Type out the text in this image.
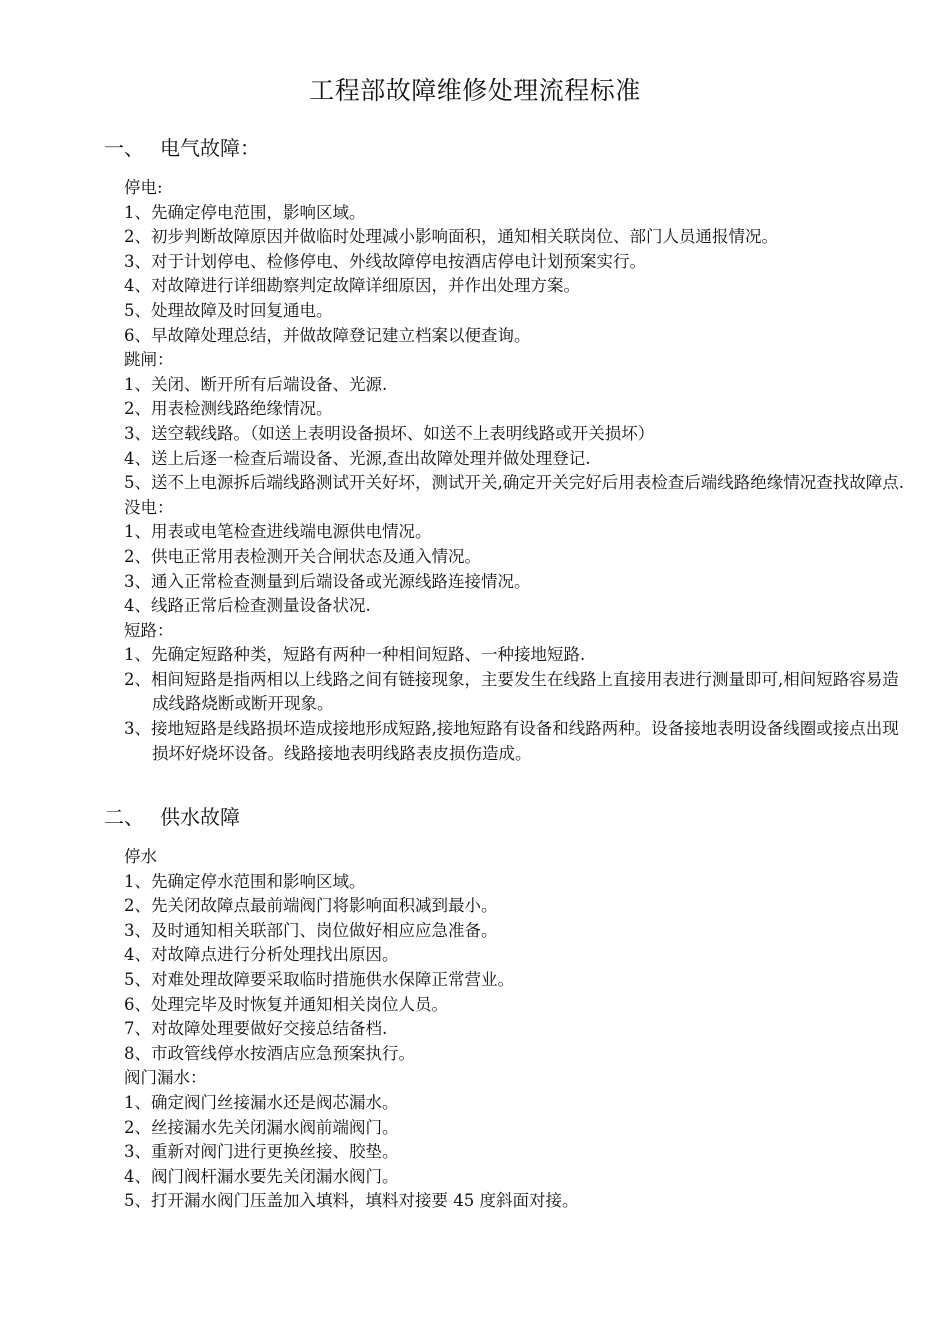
工程部故障维修处理流程标准
一、 电气故障：
停电:
1、先确定停电范围，影响区域。
2、初步判断故障原因并做临时处理减小影响面积，通知相关联岗位、部门人员通报情况。
3、对于计划停电、检修停电、外线故障停电按酒店停电计划预案实行。
4、对故障进行详细勘察判定故障详细原因，并作出处理方案。
5、处理故障及时回复通电。
6、早故障处理总结，并做故障登记建立档案以便查询。
跳闸：
1、关闭、断开所有后端设备、光源.
2、用表检测线路绝缘情况。
3、送空载线路。（如送上表明设备损坏、如送不上表明线路或开关损坏）
4、送上后逐一检查后端设备、光源,查出故障处理并做处理登记.
5、送不上电源拆后端线路测试开关好坏，测试开关,确定开关完好后用表检查后端线路绝缘情况查找故障点.
没电：
1、用表或电笔检查进线端电源供电情况。
2、供电正常用表检测开关合闸状态及通入情况。
3、通入正常检查测量到后端设备或光源线路连接情况。
4、线路正常后检查测量设备状况.
短路：
1、先确定短路种类，短路有两种一种相间短路、一种接地短路.
2、相间短路是指两相以上线路之间有链接现象，主要发生在线路上直接用表进行测量即可,相间短路容易造成线路烧断或断开现象。
3、接地短路是线路损坏造成接地形成短路,接地短路有设备和线路两种。设备接地表明设备线圈或接点出现损坏好烧坏设备。线路接地表明线路表皮损伤造成。
二、 供水故障
停水
1、先确定停水范围和影响区域。
2、先关闭故障点最前端阀门将影响面积减到最小。
3、及时通知相关联部门、岗位做好相应应急准备。
4、对故障点进行分析处理找出原因。
5、对难处理故障要采取临时措施供水保障正常营业。
6、处理完毕及时恢复并通知相关岗位人员。
7、对故障处理要做好交接总结备档.
8、市政管线停水按酒店应急预案执行。
阀门漏水：
1、确定阀门丝接漏水还是阀芯漏水。
2、丝接漏水先关闭漏水阀前端阀门。
3、重新对阀门进行更换丝接、胶垫。
4、阀门阀杆漏水要先关闭漏水阀门。
5、打开漏水阀门压盖加入填料，填料对接要 45 度斜面对接。
